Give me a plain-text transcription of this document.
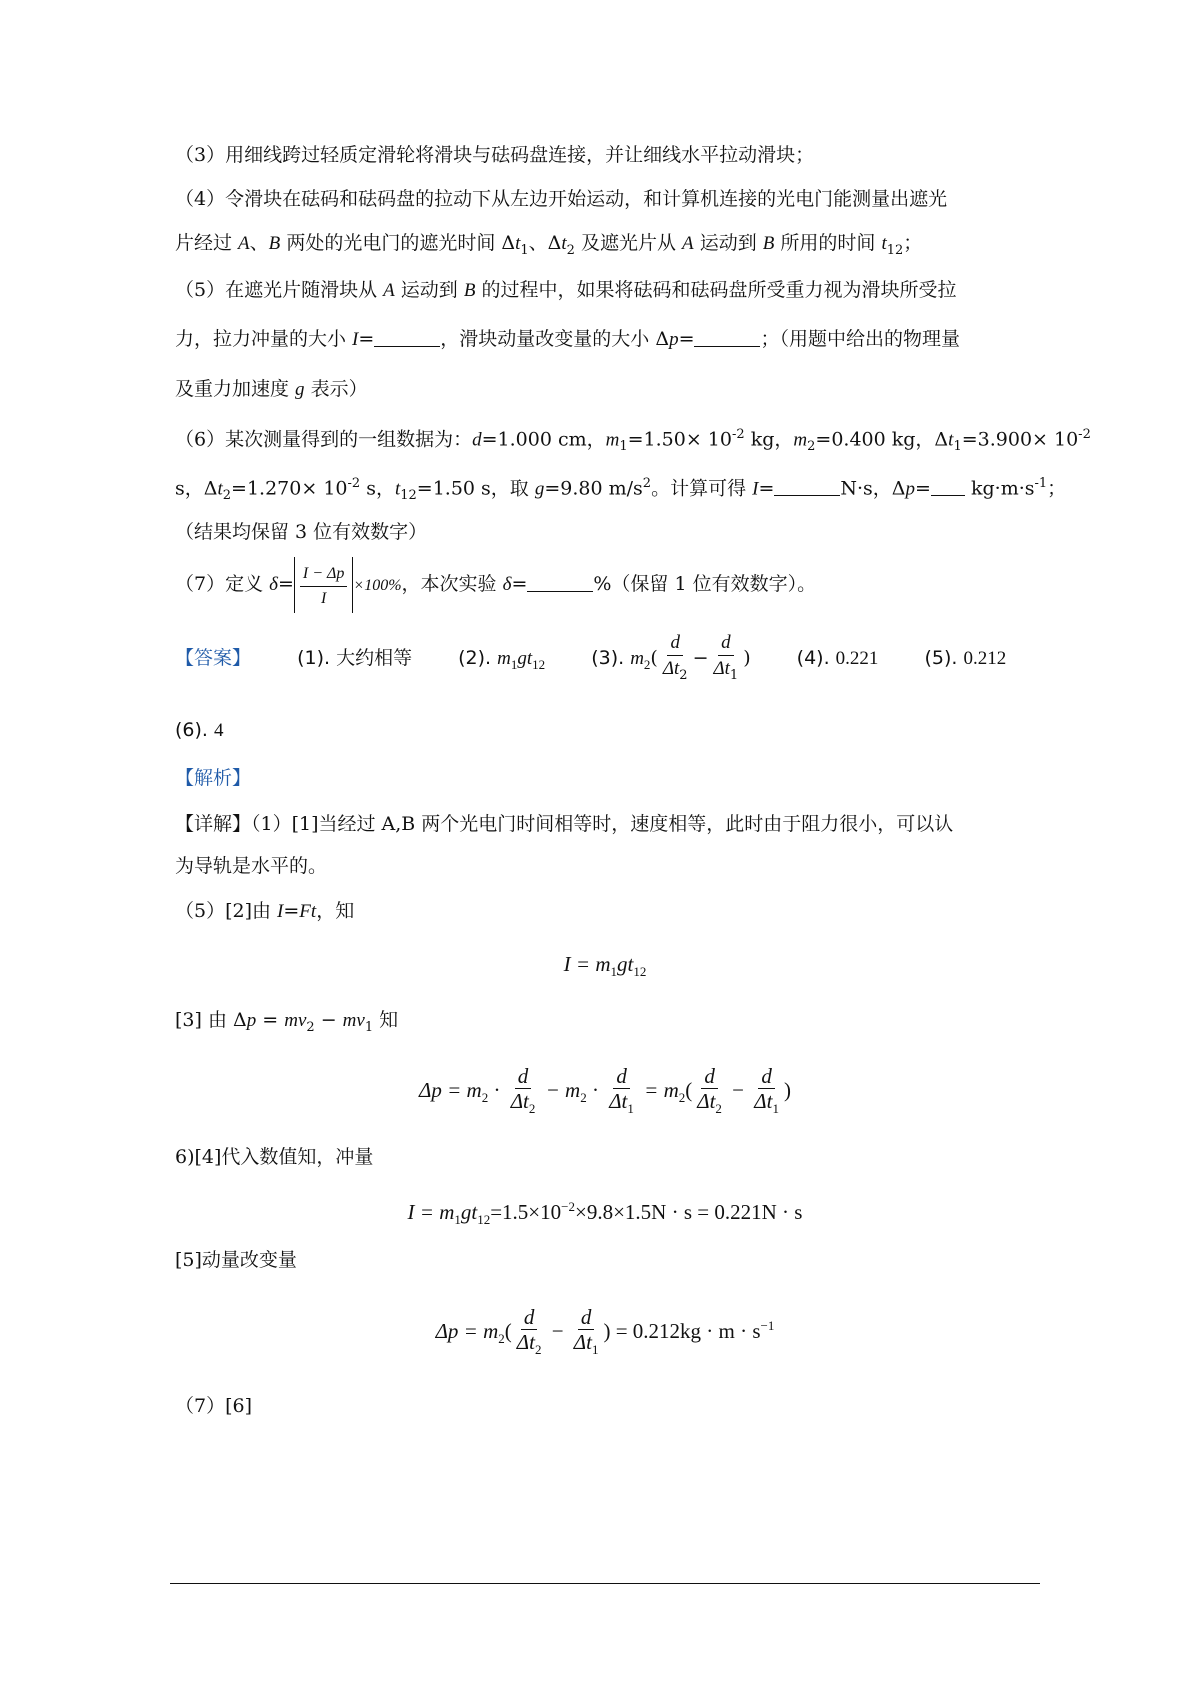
（3）用细线跨过轻质定滑轮将滑块与砝码盘连接，并让细线水平拉动滑块；
（4）令滑块在砝码和砝码盘的拉动下从左边开始运动，和计算机连接的光电门能测量出遮光
片经过 A、B 两处的光电门的遮光时间 $\Delta t_1$、$\Delta t_2$ 及遮光片从 A 运动到 B 所用的时间 $t_{12}$；
（5）在遮光片随滑块从 A 运动到 B 的过程中，如果将砝码和砝码盘所受重力视为滑块所受拉
力，拉力冲量的大小 I=	，滑块动量改变量的大小 Δp=	；（用题中给出的物理量
及重力加速度 g 表示）
（6）某次测量得到的一组数据为：d=1.000 cm，$m_1=1.50\times 10^{-2}$ kg，$m_2=0.400$ kg，$\Delta t_1=3.900\times 10^{-2}$
s，$\Delta t_2=1.270\times 10^{-2}$ s，$t_{12}=1.50$ s，取 g=9.80 $m/s^2$。计算可得 I=	N·s，$\Delta p= kg\cdot m\cdot s^{-1}$；
（结果均保留 3 位有效数字）
（7）定义 $\delta= \frac{I - \Delta p}{I} \times 100\%$，本次实验 δ=	%（保留 1 位有效数字）。
【答案】 (1). 大约相等 (2). $m_1gt_{12}$ (3). $m_2( \frac{d}{\Delta t_2} - \frac{d}{\Delta t_1}$ ) (4). 0.221 (5). 0.212
(6). 4
【解析】
【详解】（1）[1]当经过 A,B 两个光电门时间相等时，速度相等，此时由于阻力很小，可以认
为导轨是水平的。
（5）[2]由 I=Ft，知
$I = m_1gt_{12}$
[3] 由 $\Delta p = mv_2 - mv_1$ 知
$\Delta p = m_2 \cdot \frac{d}{\Delta t_2} - m_2 \cdot \frac{d}{\Delta t_1} = m_2( \frac{d}{\Delta t_2} - \frac{d}{\Delta t_1}$ )
6)[4]代入数值知，冲量
$I = m_1gt_{12}=1.5\times 10^{-2}\times 9.8\times 1.5N \cdot s = 0.221N \cdot s$
[5]动量改变量
$\Delta p = m_2( \frac{d}{\Delta t_2} - \frac{d}{\Delta t_1}$ ) = $0.212kg \cdot m \cdot s^{-1}$
（7）[6]
